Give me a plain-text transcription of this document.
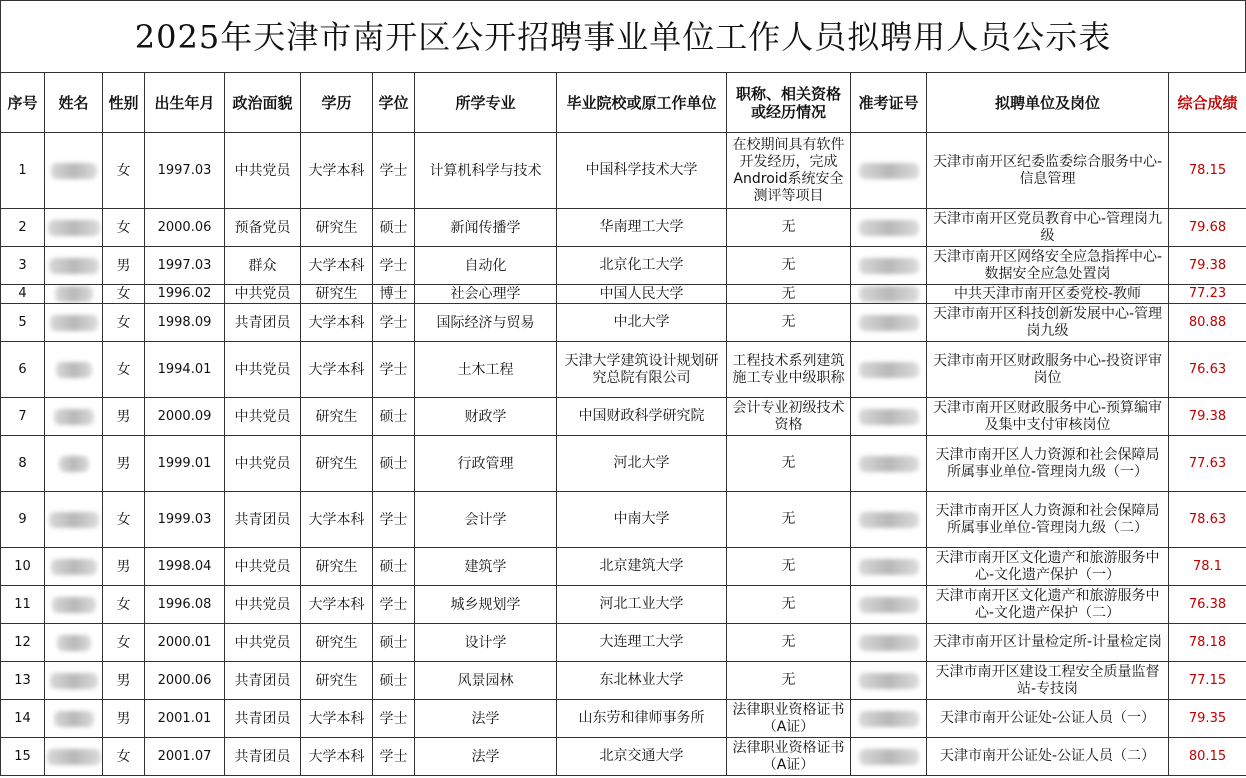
2025年天津市南开区公开招聘事业单位工作人员拟聘用人员公示表
序号	姓名	性别	出生年月	政治面貌	学历	学位	所学专业	毕业院校或原工作单位	职称、相关资格或经历情况	准考证号	拟聘单位及岗位	综合成绩
1		女	1997.03	中共党员	大学本科	学士	计算机科学与技术	中国科学技术大学	在校期间具有软件开发经历，完成Android系统安全测评等项目		天津市南开区纪委监委综合服务中心-信息管理	78.15
2		女	2000.06	预备党员	研究生	硕士	新闻传播学	华南理工大学	无		天津市南开区党员教育中心-管理岗九级	79.68
3		男	1997.03	群众	大学本科	学士	自动化	北京化工大学	无		天津市南开区网络安全应急指挥中心-数据安全应急处置岗	79.38
4		女	1996.02	中共党员	研究生	博士	社会心理学	中国人民大学	无		中共天津市南开区委党校-教师	77.23
5		女	1998.09	共青团员	大学本科	学士	国际经济与贸易	中北大学	无		天津市南开区科技创新发展中心-管理岗九级	80.88
6		女	1994.01	中共党员	大学本科	学士	土木工程	天津大学建筑设计规划研究总院有限公司	工程技术系列建筑施工专业中级职称		天津市南开区财政服务中心-投资评审岗位	76.63
7		男	2000.09	中共党员	研究生	硕士	财政学	中国财政科学研究院	会计专业初级技术资格		天津市南开区财政服务中心-预算编审及集中支付审核岗位	79.38
8		男	1999.01	中共党员	研究生	硕士	行政管理	河北大学	无		天津市南开区人力资源和社会保障局所属事业单位-管理岗九级（一）	77.63
9		女	1999.03	共青团员	大学本科	学士	会计学	中南大学	无		天津市南开区人力资源和社会保障局所属事业单位-管理岗九级（二）	78.63
10		男	1998.04	中共党员	研究生	硕士	建筑学	北京建筑大学	无		天津市南开区文化遗产和旅游服务中心-文化遗产保护（一）	78.1
11		女	1996.08	中共党员	大学本科	学士	城乡规划学	河北工业大学	无		天津市南开区文化遗产和旅游服务中心-文化遗产保护（二）	76.38
12		女	2000.01	中共党员	研究生	硕士	设计学	大连理工大学	无		天津市南开区计量检定所-计量检定岗	78.18
13		男	2000.06	共青团员	研究生	硕士	风景园林	东北林业大学	无		天津市南开区建设工程安全质量监督站-专技岗	77.15
14		男	2001.01	共青团员	大学本科	学士	法学	山东劳和律师事务所	法律职业资格证书（A证）		天津市南开公证处-公证人员（一）	79.35
15		女	2001.07	共青团员	大学本科	学士	法学	北京交通大学	法律职业资格证书（A证）		天津市南开公证处-公证人员（二）	80.15
